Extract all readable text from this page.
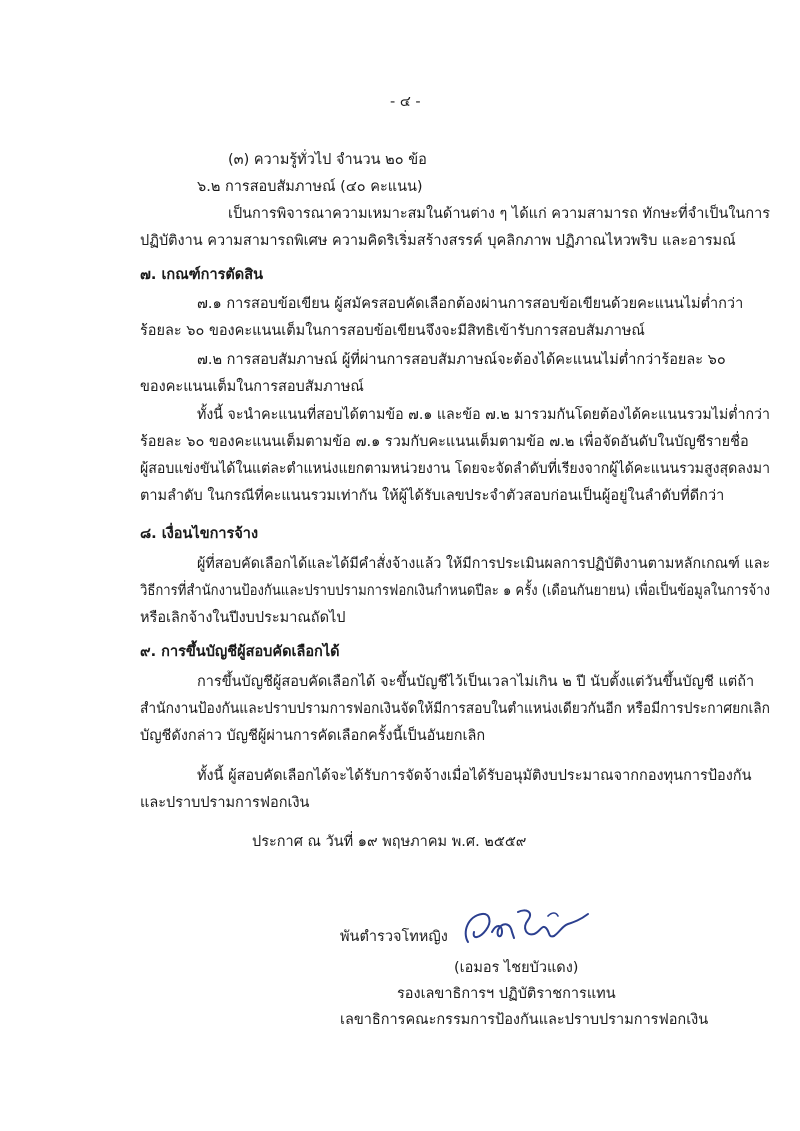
- ๔ -
(๓) ความรู้ทั่วไป จำนวน ๒๐ ข้อ
๖.๒ การสอบสัมภาษณ์ (๔๐ คะแนน)
เป็นการพิจารณาความเหมาะสมในด้านต่าง ๆ ได้แก่ ความสามารถ ทักษะที่จำเป็นในการ
ปฏิบัติงาน ความสามารถพิเศษ ความคิดริเริ่มสร้างสรรค์ บุคลิกภาพ ปฏิภาณไหวพริบ และอารมณ์
๗. เกณฑ์การตัดสิน
๗.๑ การสอบข้อเขียน ผู้สมัครสอบคัดเลือกต้องผ่านการสอบข้อเขียนด้วยคะแนนไม่ต่ำกว่า
ร้อยละ ๖๐ ของคะแนนเต็มในการสอบข้อเขียนจึงจะมีสิทธิเข้ารับการสอบสัมภาษณ์
๗.๒ การสอบสัมภาษณ์ ผู้ที่ผ่านการสอบสัมภาษณ์จะต้องได้คะแนนไม่ต่ำกว่าร้อยละ ๖๐
ของคะแนนเต็มในการสอบสัมภาษณ์
ทั้งนี้ จะนำคะแนนที่สอบได้ตามข้อ ๗.๑ และข้อ ๗.๒ มารวมกันโดยต้องได้คะแนนรวมไม่ต่ำกว่า
ร้อยละ ๖๐ ของคะแนนเต็มตามข้อ ๗.๑ รวมกับคะแนนเต็มตามข้อ ๗.๒ เพื่อจัดอันดับในบัญชีรายชื่อ
ผู้สอบแข่งขันได้ในแต่ละตำแหน่งแยกตามหน่วยงาน โดยจะจัดลำดับที่เรียงจากผู้ได้คะแนนรวมสูงสุดลงมา
ตามลำดับ ในกรณีที่คะแนนรวมเท่ากัน ให้ผู้ได้รับเลขประจำตัวสอบก่อนเป็นผู้อยู่ในลำดับที่ดีกว่า
๘. เงื่อนไขการจ้าง
ผู้ที่สอบคัดเลือกได้และได้มีคำสั่งจ้างแล้ว ให้มีการประเมินผลการปฏิบัติงานตามหลักเกณฑ์ และ
วิธีการที่สำนักงานป้องกันและปราบปรามการฟอกเงินกำหนดปีละ ๑ ครั้ง (เดือนกันยายน) เพื่อเป็นข้อมูลในการจ้าง
หรือเลิกจ้างในปีงบประมาณถัดไป
๙. การขึ้นบัญชีผู้สอบคัดเลือกได้
การขึ้นบัญชีผู้สอบคัดเลือกได้ จะขึ้นบัญชีไว้เป็นเวลาไม่เกิน ๒ ปี นับตั้งแต่วันขึ้นบัญชี แต่ถ้า
สำนักงานป้องกันและปราบปรามการฟอกเงินจัดให้มีการสอบในตำแหน่งเดียวกันอีก หรือมีการประกาศยกเลิก
บัญชีดังกล่าว บัญชีผู้ผ่านการคัดเลือกครั้งนี้เป็นอันยกเลิก
ทั้งนี้ ผู้สอบคัดเลือกได้จะได้รับการจัดจ้างเมื่อได้รับอนุมัติงบประมาณจากกองทุนการป้องกัน
และปราบปรามการฟอกเงิน
ประกาศ ณ วันที่ ๑๙ พฤษภาคม พ.ศ. ๒๕๕๙
พันตำรวจโทหญิง
(เอมอร ไชยบัวแดง)
รองเลขาธิการฯ ปฏิบัติราชการแทน
เลขาธิการคณะกรรมการป้องกันและปราบปรามการฟอกเงิน
